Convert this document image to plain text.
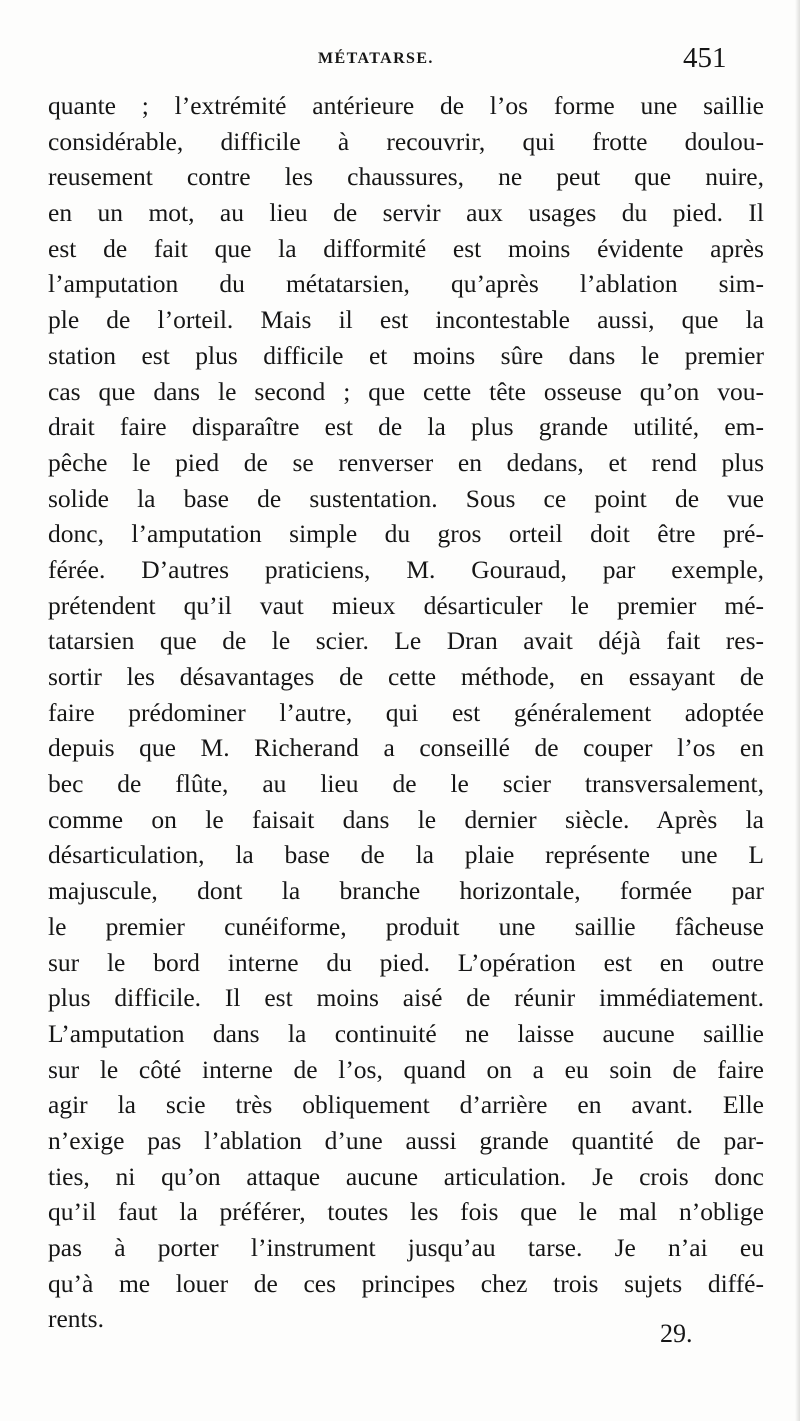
MÉTATARSE.	451
quante ; l’extrémité antérieure de l’os forme une saillie
considérable, difficile à recouvrir, qui frotte doulou-
reusement contre les chaussures, ne peut que nuire,
en un mot, au lieu de servir aux usages du pied. Il
est de fait que la difformité est moins évidente après
l’amputation du métatarsien, qu’après l’ablation sim-
ple de l’orteil. Mais il est incontestable aussi, que la
station est plus difficile et moins sûre dans le premier
cas que dans le second ; que cette tête osseuse qu’on vou-
drait faire disparaître est de la plus grande utilité, em-
pêche le pied de se renverser en dedans, et rend plus
solide la base de sustentation. Sous ce point de vue
donc, l’amputation simple du gros orteil doit être pré-
férée. D’autres praticiens, M. Gouraud, par exemple,
prétendent qu’il vaut mieux désarticuler le premier mé-
tatarsien que de le scier. Le Dran avait déjà fait res-
sortir les désavantages de cette méthode, en essayant de
faire prédominer l’autre, qui est généralement adoptée
depuis que M. Richerand a conseillé de couper l’os en
bec de flûte, au lieu de le scier transversalement,
comme on le faisait dans le dernier siècle. Après la
désarticulation, la base de la plaie représente une L
majuscule, dont la branche horizontale, formée par
le premier cunéiforme, produit une saillie fâcheuse
sur le bord interne du pied. L’opération est en outre
plus difficile. Il est moins aisé de réunir immédiatement.
L’amputation dans la continuité ne laisse aucune saillie
sur le côté interne de l’os, quand on a eu soin de faire
agir la scie très obliquement d’arrière en avant. Elle
n’exige pas l’ablation d’une aussi grande quantité de par-
ties, ni qu’on attaque aucune articulation. Je crois donc
qu’il faut la préférer, toutes les fois que le mal n’oblige
pas à porter l’instrument jusqu’au tarse. Je n’ai eu
qu’à me louer de ces principes chez trois sujets diffé-
rents.
29.
